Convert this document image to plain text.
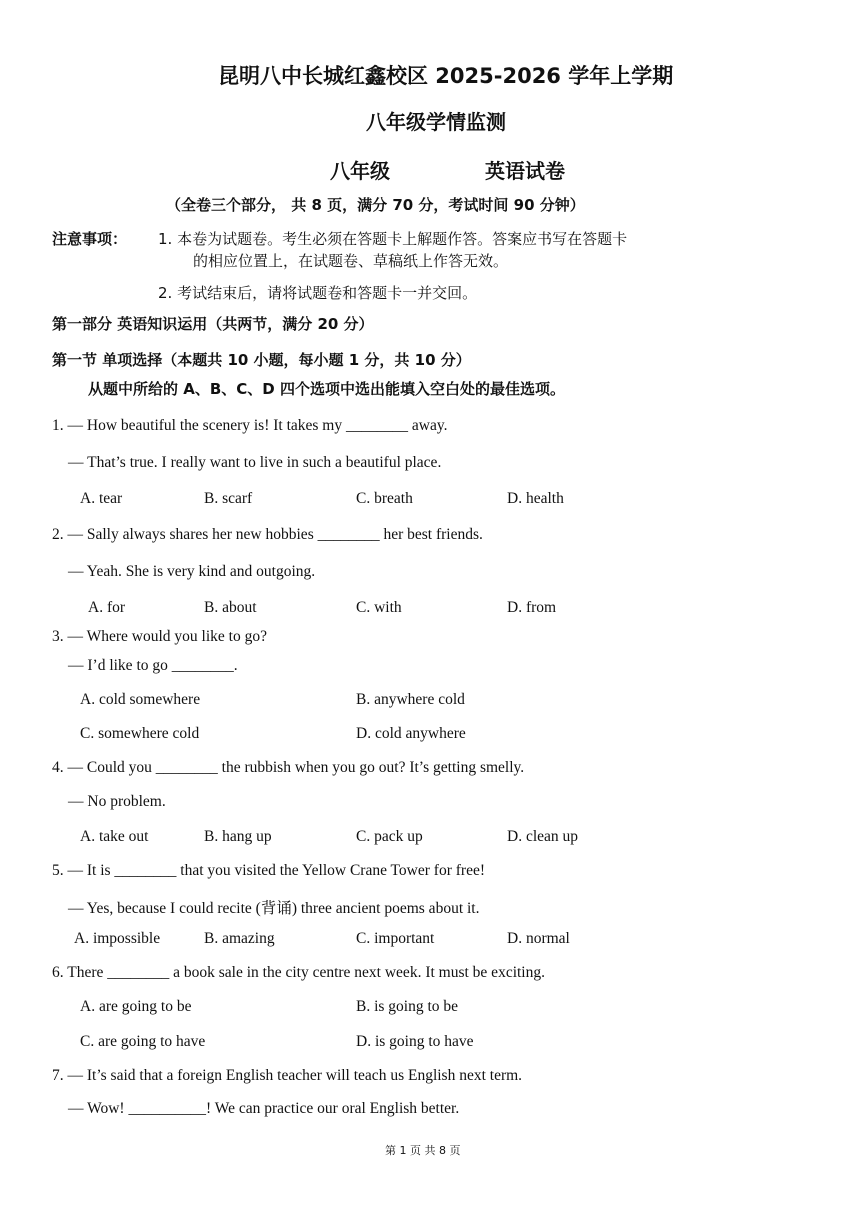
昆明八中长城红鑫校区 2025-2026 学年上学期
八年级学情监测
八年级	英语试卷
（全卷三个部分， 共 8 页，满分 70 分，考试时间 90 分钟）
注意事项： 1. 本卷为试题卷。考生必须在答题卡上解题作答。答案应书写在答题卡
的相应位置上，在试题卷、草稿纸上作答无效。
2. 考试结束后，请将试题卷和答题卡一并交回。
第一部分 英语知识运用（共两节，满分 20 分）
第一节 单项选择（本题共 10 小题，每小题 1 分，共 10 分）
从题中所给的 A、B、C、D 四个选项中选出能填入空白处的最佳选项。
1. — How beautiful the scenery is! It takes my ________ away.
— That’s true. I really want to live in such a beautiful place.
A. tear	B. scarf	C. breath	D. health
2. — Sally always shares her new hobbies ________ her best friends.
— Yeah. She is very kind and outgoing.
A. for	B. about	C. with	D. from
3. — Where would you like to go?
— I’d like to go ________.
A. cold somewhere	B. anywhere cold
C. somewhere cold	D. cold anywhere
4. — Could you ________ the rubbish when you go out? It’s getting smelly.
— No problem.
A. take out	B. hang up	C. pack up	D. clean up
5. — It is ________ that you visited the Yellow Crane Tower for free!
— Yes, because I could recite (背诵) three ancient poems about it.
A. impossible	B. amazing	C. important	D. normal
6. There ________ a book sale in the city centre next week. It must be exciting.
A. are going to be	B. is going to be
C. are going to have	D. is going to have
7. — It’s said that a foreign English teacher will teach us English next term.
— Wow! __________! We can practice our oral English better.
第 1 页 共 8 页
